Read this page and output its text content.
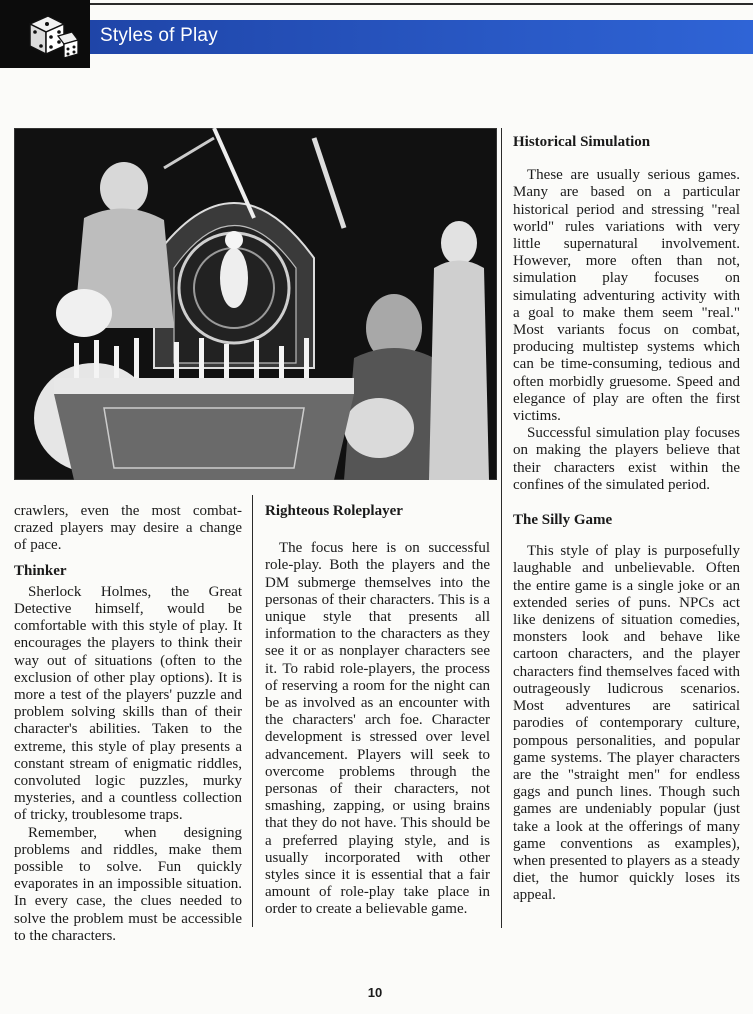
Styles of Play

crawlers, even the most combat-crazed players may desire a change of pace.

Thinker

Sherlock Holmes, the Great Detective himself, would be comfortable with this style of play. It encourages the players to think their way out of situations (often to the exclusion of other play options). It is more a test of the players' puzzle and problem solving skills than of their character's abilities. Taken to the extreme, this style of play presents a constant stream of enigmatic riddles, convoluted logic puzzles, murky mysteries, and a countless collection of tricky, troublesome traps.

Remember, when designing problems and riddles, make them possible to solve. Fun quickly evaporates in an impossible situation. In every case, the clues needed to solve the problem must be accessible to the characters.

Righteous Roleplayer

The focus here is on successful role-play. Both the players and the DM submerge themselves into the personas of their characters. This is a unique style that presents all information to the characters as they see it or as nonplayer characters see it. To rabid role-players, the process of reserving a room for the night can be as involved as an encounter with the characters' arch foe. Character development is stressed over level advancement. Players will seek to overcome problems through the personas of their characters, not smashing, zapping, or using brains that they do not have. This should be a preferred playing style, and is usually incorporated with other styles since it is essential that a fair amount of role-play take place in order to create a believable game.

Historical Simulation

These are usually serious games. Many are based on a particular historical period and stressing "real world" rules variations with very little supernatural involvement. However, more often than not, simulation play focuses on simulating adventuring activity with a goal to make them seem "real." Most variants focus on combat, producing multistep systems which can be time-consuming, tedious and often morbidly gruesome. Speed and elegance of play are often the first victims.

Successful simulation play focuses on making the players believe that their characters exist within the confines of the simulated period.

The Silly Game

This style of play is purposefully laughable and unbelievable. Often the entire game is a single joke or an extended series of puns. NPCs act like denizens of situation comedies, monsters look and behave like cartoon characters, and the player characters find themselves faced with outrageously ludicrous scenarios. Most adventures are satirical parodies of contemporary culture, pompous personalities, and popular game systems. The player characters are the "straight men" for endless gags and punch lines. Though such games are undeniably popular (just take a look at the offerings of many game conventions as examples), when presented to players as a steady diet, the humor quickly loses its appeal.

10
